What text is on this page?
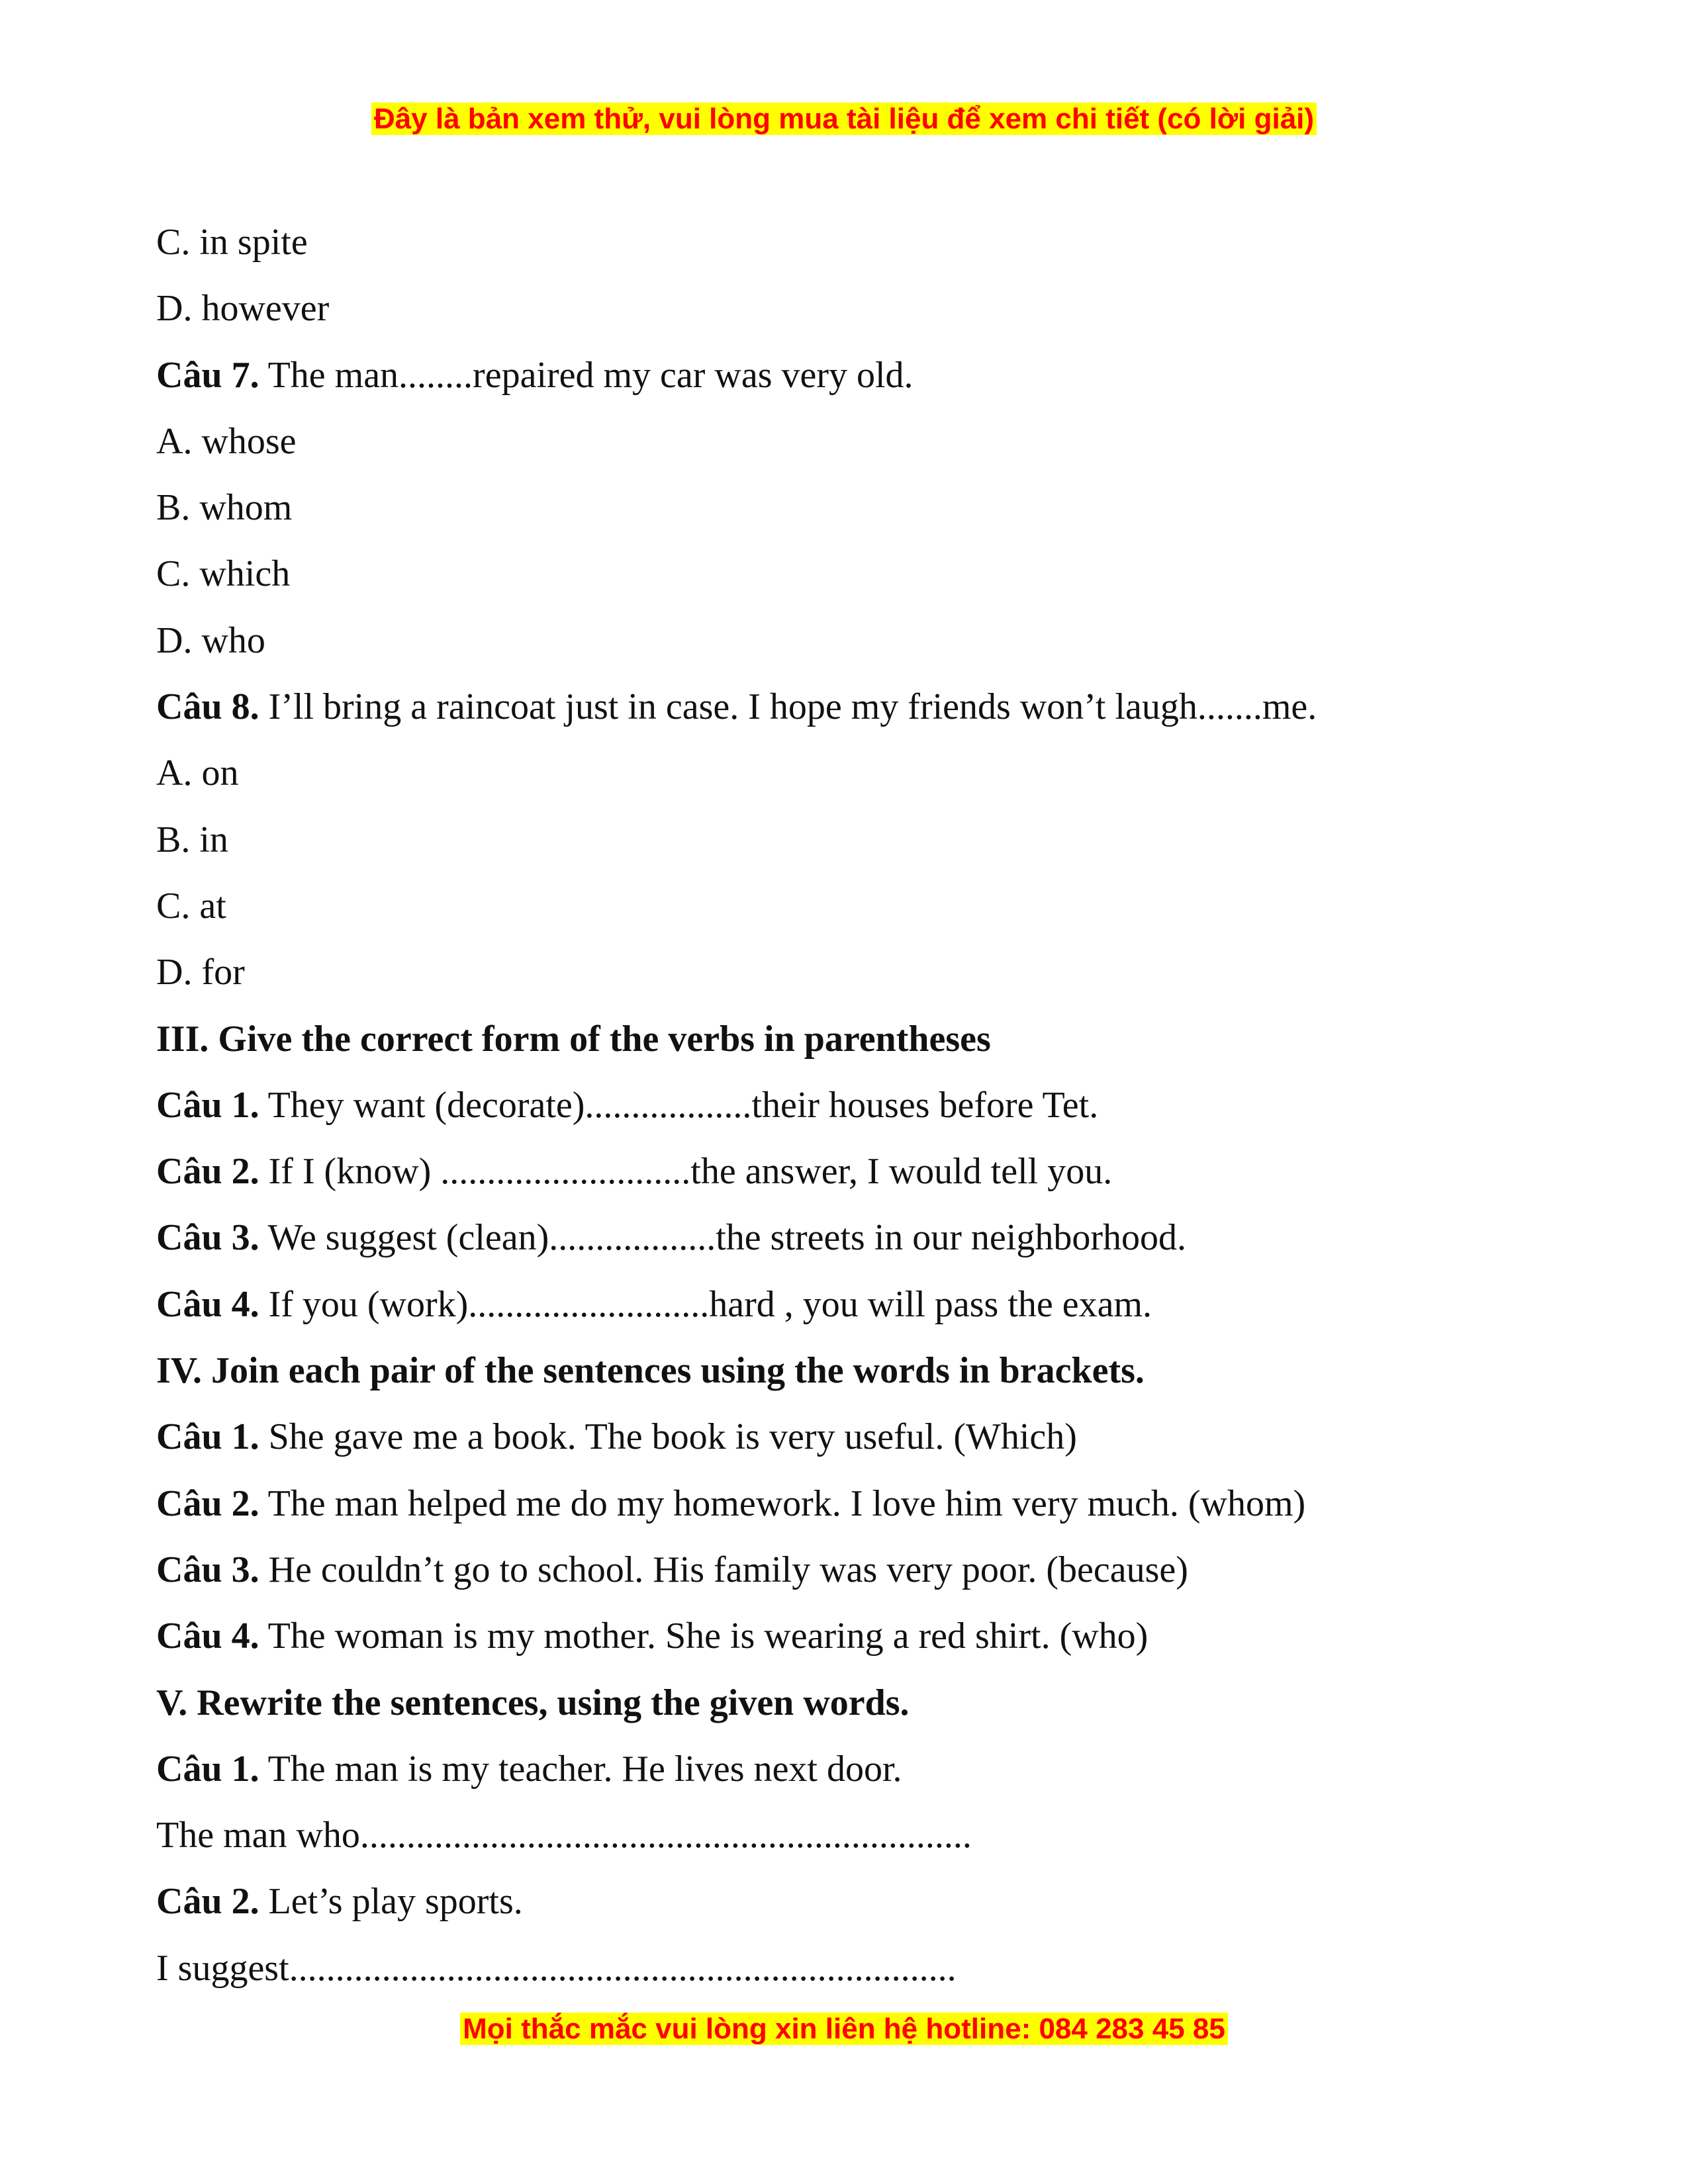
Đây là bản xem thử, vui lòng mua tài liệu để xem chi tiết (có lời giải)
C. in spite
D. however
Câu 7. The man........repaired my car was very old.
A. whose
B. whom
C. which
D. who
Câu 8. I’ll bring a raincoat just in case. I hope my friends won’t laugh.......me.
A. on
B. in
C. at
D. for
III. Give the correct form of the verbs in parentheses
Câu 1. They want (decorate)..................their houses before Tet.
Câu 2. If I (know) ...........................the answer, I would tell you.
Câu 3. We suggest (clean)..................the streets in our neighborhood.
Câu 4. If you (work)..........................hard , you will pass the exam.
IV. Join each pair of the sentences using the words in brackets.
Câu 1. She gave me a book. The book is very useful. (Which)
Câu 2. The man helped me do my homework. I love him very much. (whom)
Câu 3. He couldn’t go to school. His family was very poor. (because)
Câu 4. The woman is my mother. She is wearing a red shirt. (who)
V. Rewrite the sentences, using the given words.
Câu 1. The man is my teacher. He lives next door.
The man who..................................................................
Câu 2. Let’s play sports.
I suggest........................................................................
Mọi thắc mắc vui lòng xin liên hệ hotline: 084 283 45 85
